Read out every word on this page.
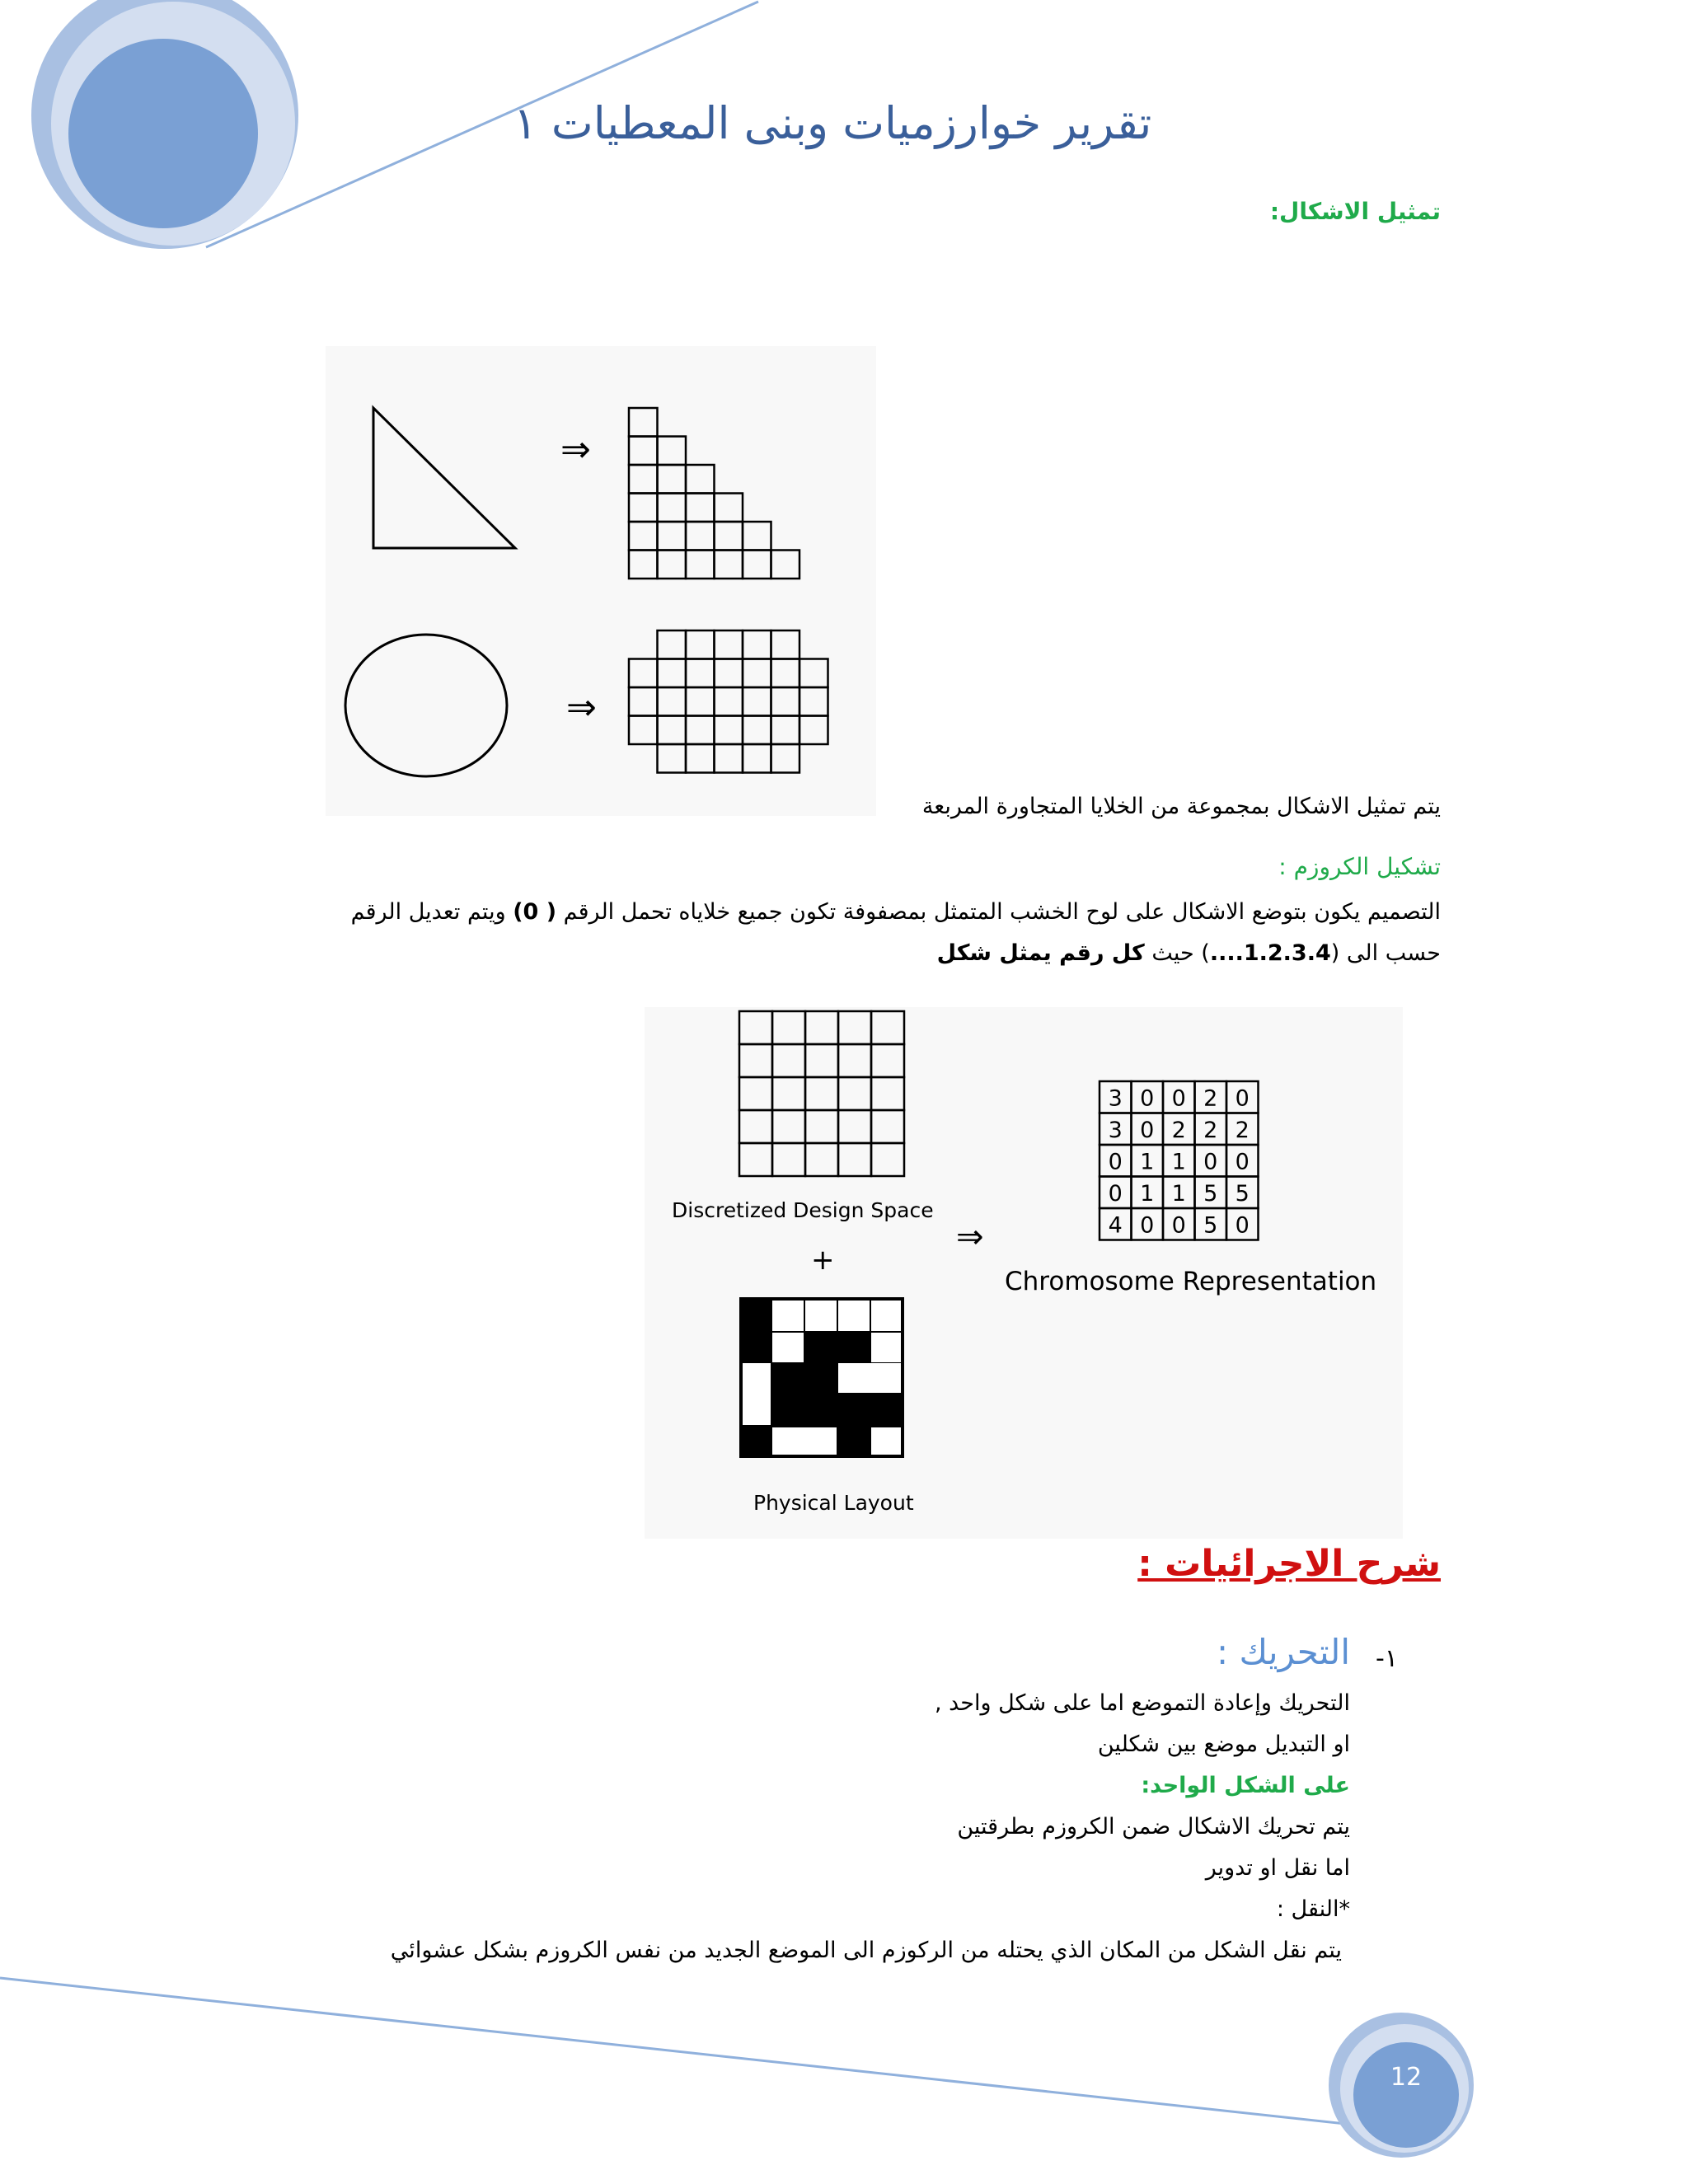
تقرير خوارزميات وبنى المعطيات ١
تمثيل الاشكال:
⇒
⇒
يتم تمثيل الاشكال بمجموعة من الخلايا المتجاورة المربعة
تشكيل الكروزم :
التصميم يكون بتوضع الاشكال على لوح الخشب المتمثل بمصفوفة تكون جميع خلاياه تحمل الرقم ( 0) ويتم تعديل الرقم
حسب الى (1.2.3.4....) حيث كل رقم يمثل شكل
Discretized Design Space
+
⇒
3 0 0 2 0
3 0 2 2 2
0 1 1 0 0
0 1 1 5 5
4 0 0 5 0
Chromosome Representation
Physical Layout
شرح الاجرائيات :
-١
التحريك :
التحريك وإعادة التموضع اما على شكل واحد ,
او التبديل موضع بين شكلين
على الشكل الواحد:
يتم تحريك الاشكال ضمن الكروزم بطرقتين
اما نقل او تدوير
*النقل :
يتم نقل الشكل من المكان الذي يحتله من الركوزم الى الموضع الجديد من نفس الكروزم بشكل عشوائي
12
